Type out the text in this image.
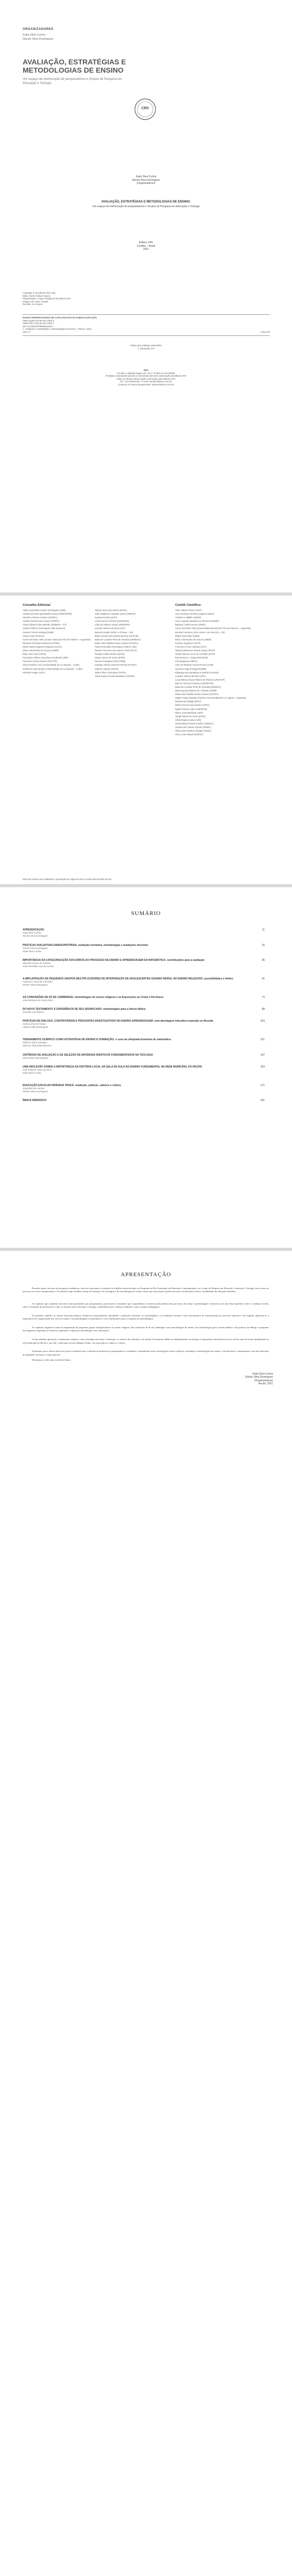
ORGANIZADORES
Katia Silva Cunha
Gilcele Silva Dominguez
AVALIAÇÃO, ESTRATÉGIAS E
METODOLOGIAS DE ENSINO
Um espaço de interlocução de pesquisadores e Grupos de Pesquisa em Educação e Teologia
CRV
Katia Silva Cunha
Gilcele Silva Dominguez
(Organizadores)
AVALIAÇÃO, ESTRATÉGIAS E METODOLOGIAS DE ENSINO:
Um espaço de interlocução de pesquisadores e Grupos de Pesquisa em Educação e Teologia
Editora CRV
Curitiba – Brasil
2021
Copyright © da Editora CRV Ltda.
Editor-chefe: Railson Moura
Diagramação e Capa: Designers da Editora CRV
Imagem de Capa: Freepik
Revisão: Os Autores
DADOS INTERNACIONAIS DE CATALOGAÇÃO NA PUBLICAÇÃO (CIP)
ISBN Digital 978-65-251-1002-0
ISBN Físico 978-65-251-1003-7
DOI 10.24824/978652511003.7
1. Avaliação 2. Estratégias 3. Metodologias de Ensino I. Título II. Série
CDU 37	CDD 370
Índice para catálogo sistemático
1. Educação 370
2021
Foi feito o depósito legal conf. Lei n° 10.994 de 14/12/2004
Proibida a reprodução parcial ou total desta obra sem autorização da Editora CRV
Todos os direitos desta edição reservados pela Editora CRV
Tel.: (41) 3039-6418 - E-mail: sac@editoracrv.com.br
Conheça os nossos lançamentos: www.editoracrv.com.br
Conselho Editorial:
Aldira Guimarães Duarte Domínguez (UNB)
Andréia da Silva Quintanilha Sousa (UNIR/UFRN)
Anselmo Alencar Colares (UFOPA)
Antônio Pereira Gaio Júnior (UFRRJ)
Carlos Alberto Vilar Estêvão (UMINHO – PT)
Carlos Federico Dominguez Avila (Unieuro)
Carmen Tereza Velanga (UNIR)
Celso Conti (UFSCar)
Cesar Gerónimo Tello (Univer. Nacional Três de Febrero – Argentina)
Eduardo Fernandes Barbosa (UFMG)
Elione Maria Nogueira Diogenes (UFAL)
Elizeu Clementino de Souza (UNEB)
Élsio José Corá (UFFS)
Fernando Antônio Gonçalves Alcoforado (IPB)
Francisco Carlos Duarte (PUC-PR)
Gloria Fariñas León (Universidade de La Havana – Cuba)
Guillermo Arias Beatón (Universidade de La Havana – Cuba)
Helmuth Krüger (UCP)
Jailson Alves dos Santos (UFRJ)
João Adalberto Campato Junior (UNESP)
Josania Portela (UFPI)
Leonel Severo Rocha (UNISINOS)
Lídia de Oliveira Xavier (UNIEURO)
Lourdes Helena da Silva (UFV)
Marcelo Paixão (UFRJ e UTexas – US)
Maria Cristina dos Santos Bezerra (UFSCar)
Maria de Lourdes Pinto de Almeida (UNOESC)
Maria Lília Imbiriba Sousa Colares (UFOPA)
Paulo Romualdo Hernandes (UNIFAL-MG)
Renato Francisco dos Santos Paula (UFG)
Rodrigo Pratte-Santos (UFES)
Sérgio Nunes de Jesus (IFRO)
Simone Rodrigues Pinto (UNB)
Solange Helena Ximenes-Rocha (UFOPA)
Sydione Santos (UEPG)
Tadeu Oliver Gonçalves (UFPA)
Tania Suely Azevedo Brasileiro (UFOPA)
Comitê Científico:
Altair Alberto Fávero (UPF)
Ana Chrystina Venâncio Mignot (UERJ)
Andréia N. Militão (UEMS)
Anna Augusta Sampaio de Oliveira (UNESP)
Barbara Coelho Neves (UFBA)
Cesar Gerónimo Tello (Universidad Nacional de Três de Febrero – Argentina)
Diosnel Centurion (Univ Americ. de Asunción – Py)
Eliane Rose Maio (UEM)
Elizeu Clementino de Souza (UNEB)
Fauston Negreiros (UFPI)
Francisco Ari de Andrade (UFC)
Gláucia Maria dos Santos Jorge (UFOP)
Helder Buenos Aires de Carvalho (UFPI)
Ilma Passos A. Veiga (UNICEUB)
Inês Bragança (UERJ)
José de Ribamar Sousa Pereira (UCB)
Jussara Fraga Portugal (UNEB)
Kilwangy Kya Kapitango-a-Samba (Unemat)
Lourdes Helena da Silva (UFV)
Lucia Marisy Souza Ribeiro de Oliveira (UNIVASF)
Marcos Vinicius Francisco (UNOESTE)
Maria de Lourdes Pinto de Almeida (UNOESC)
Maria Eurácia Barreto de Andrade (UFRB)
Maria Lília Imbiriba Sousa Colares (UFOPA)
Míguel Ángel Quintana Pacheco (Universidad de La Laguna – Espanha)
Mohammed Elhajji (UFRJ)
Mônica Pereira dos Santos (UFRJ)
Najela Tavares Ujiie (UNESPAR)
Nilson José Machado (USP)
Sérgio Nunes de Jesus (IFRO)
Silvia Regina Canan (URI)
Sonia Maria Ferreira Koehler (UNISAL)
Suzana dos Santos Gomes (UFMG)
Vânia Alves Martins Chaigar (FURG)
Vera Lucia Gaspar (UDESC)
Este livro passou por avaliação e aprovação às cegas de dois ou mais pareceristas ad hoc.
SUMÁRIO
APRESENTAÇÃO
Katia Silva Cunha
Gilcele Silva Dominguez
11
PRÁTICAS AVALIATIVAS EMANCIPATÓRIAS: avaliação formativa, metodologias e avaliações docentes
Gilcele Silva Dominguez
Katia Silva Cunha
15
IMPORTÂNCIA DA CATEGORIZAÇÃO DOS ERROS DO PROCESSO DE ENSINO E APRENDIZAGEM DA MATEMÁTICA: contribuições para a avaliação
Marcela Gomes de Oliveira
João Everaldo Lima de Sousa
35
A IMPLANTAÇÃO DE PEQUENOS GRUPOS MULTIPLICADORES DE INTERVENÇÃO DE ADOLESCENTES USANDO MORAL NO ENSINO RELIGIOSO: possibilidades e limites
Francisco Vieira de Carvalho
Gilcele Silva Dominguez
51
AS CONFISSÕES DE FÉ DE CAMBRIDGE: metodologias de ensino religioso e as Exposições ao Credo e Pai Nosso
João Barbosa de Souza Neto
73
DO NOVO TESTAMENTO À EXPERIÊNCIA DE SEU SIGNIFICADO: metodologias para a leitura bíblica
Osvaldo Luiz Ribeiro
89
PRÁTICAS DE DIÁLOGO, CONTROVÉRSIA E PERGUNTAS INVESTIGATIVAS NO ENSINO-APRENDIZAGEM: uma abordagem educativa inspirada na filosofia
Andreia Paz de Farias
Alisson Silva Dominguez
103
TREINAMENTO OLÍMPICO COMO ESTRATÉGIA DE ENSINO E FORMAÇÃO: o caso da olimpíada brasileira de matemática
Gilberto Vieira Sampaio
Marcelo Vilas Boas Barroso
121
CRITÉRIOS DE AVALIAÇÃO E DE SELEÇÃO DE MATERIAIS DIDÁTICOS FUNDAMENTADOS NA TEOLOGIA
Klaus Dieter Baumgarten
137
UMA REFLEXÃO SOBRE A IMPORTÂNCIA DA HISTÓRIA LOCAL NA SALA DE AULA NO ENSINO FUNDAMENTAL NA REDE MUNICIPAL DO RECIFE
José Roberto Alves da Silva
Katia Silva Cunha
153
EDUCAÇÃO ESCOLAR INDÍGENA TRUKÁ: avaliação, práticas, saberes e cultura
Josenildo dos Santos
Gilcele Silva Dominguez
171
ÍNDICE REMISSIVO	191
APRESENTAÇÃO
Passados quase dez anos de pesquisas acadêmicas, este livro apresenta o resultado de trabalhos desenvolvidos no Programa de Pós-Graduação em Educação Contemporânea e no Grupo de Pesquisa em Educação, Avaliação e Teologia, bem como em parceria com outros pesquisadores. As reflexões aqui reunidas tratam de avaliação, de estratégias e de metodologias de ensino, temas que atravessam a prática docente em diferentes níveis e modalidades da educação brasileira.
Os capítulos que compõem esta obra foram produzidos por pesquisadores, professores e estudantes que compartilham o interesse pela melhoria dos processos de ensino e aprendizagem. Cada texto traz um olhar específico sobre o cotidiano escolar, sobre a formação de professores e sobre as relações entre educação e teologia, contribuindo para o debate acadêmico e para a prática pedagógica.
No primeiro capítulo, as autoras discutem práticas avaliativas emancipatórias, abordando a avaliação formativa, as metodologias e as avaliações docentes como instrumentos de transformação do processo educativo. Em seguida, apresenta-se a importância da categorização dos erros no ensino e na aprendizagem da matemática, com contribuições para a avaliação da aprendizagem.
Os capítulos seguintes tratam da implantação de pequenos grupos multiplicadores no ensino religioso, das confissões de fé de Cambridge como metodologias de ensino, das metodologias para a leitura bíblica e das práticas de diálogo e perguntas investigativas inspiradas na filosofia, ampliando o repertório metodológico dos educadores.
A obra também apresenta o treinamento olímpico como estratégia de ensino e formação, os critérios de avaliação e de seleção de materiais didáticos fundamentados na teologia, a importância da história local na sala de aula do ensino fundamental na rede municipal do Recife e, por fim, a educação escolar indígena Truká, com suas práticas, saberes e cultura.
Esperamos que a leitura deste livro possa contribuir para a reflexão de professores, pesquisadores e estudantes, estimulando novas investigações sobre avaliação, estratégias e metodologias de ensino, e fortalecendo o compromisso com uma educação de qualidade, inclusiva e emancipatória.
Desejamos a todos uma excelente leitura.
Katia Silva Cunha
Gilcele Silva Dominguez
(Organizadoras)
Recife, 2021
